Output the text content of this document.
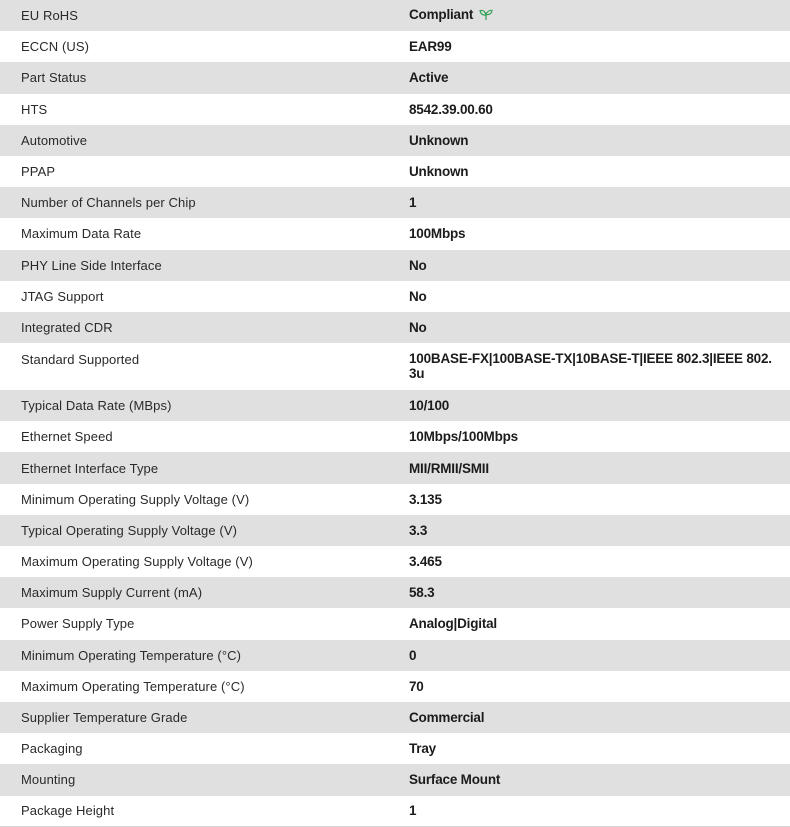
EU RoHS	Compliant
ECCN (US)	EAR99
Part Status	Active
HTS	8542.39.00.60
Automotive	Unknown
PPAP	Unknown
Number of Channels per Chip	1
Maximum Data Rate	100Mbps
PHY Line Side Interface	No
JTAG Support	No
Integrated CDR	No
Standard Supported	100BASE-FX|100BASE-TX|10BASE-T|IEEE 802.3|IEEE 802.3u
Typical Data Rate (MBps)	10/100
Ethernet Speed	10Mbps/100Mbps
Ethernet Interface Type	MII/RMII/SMII
Minimum Operating Supply Voltage (V)	3.135
Typical Operating Supply Voltage (V)	3.3
Maximum Operating Supply Voltage (V)	3.465
Maximum Supply Current (mA)	58.3
Power Supply Type	Analog|Digital
Minimum Operating Temperature (°C)	0
Maximum Operating Temperature (°C)	70
Supplier Temperature Grade	Commercial
Packaging	Tray
Mounting	Surface Mount
Package Height	1
